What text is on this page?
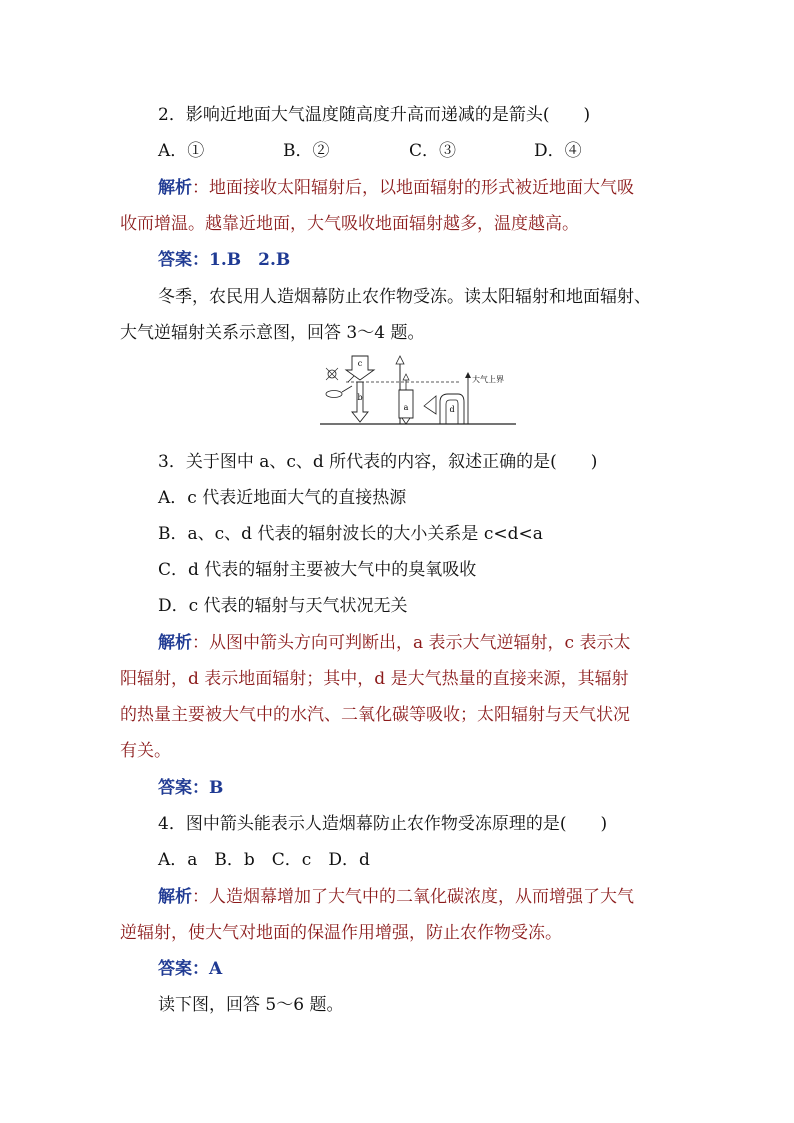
2．影响近地面大气温度随高度升高而递减的是箭头(　　)
A．①	B．②	C．③	D．④
解析：地面接收太阳辐射后，以地面辐射的形式被近地面大气吸
收而增温。越靠近地面，大气吸收地面辐射越多，温度越高。
答案：1.B　2.B
冬季，农民用人造烟幕防止农作物受冻。读太阳辐射和地面辐射、
大气逆辐射关系示意图，回答 3～4 题。
c
b
a	d
大气上界
3．关于图中 a、c、d 所代表的内容，叙述正确的是(　　)
A．c 代表近地面大气的直接热源
B．a、c、d 代表的辐射波长的大小关系是 c<d<a
C．d 代表的辐射主要被大气中的臭氧吸收
D．c 代表的辐射与天气状况无关
解析：从图中箭头方向可判断出，a 表示大气逆辐射，c 表示太
阳辐射，d 表示地面辐射；其中，d 是大气热量的直接来源，其辐射
的热量主要被大气中的水汽、二氧化碳等吸收；太阳辐射与天气状况
有关。
答案：B
4．图中箭头能表示人造烟幕防止农作物受冻原理的是(　　)
A．a　B．b　C．c　D．d
解析：人造烟幕增加了大气中的二氧化碳浓度，从而增强了大气
逆辐射，使大气对地面的保温作用增强，防止农作物受冻。
答案：A
读下图，回答 5～6 题。
